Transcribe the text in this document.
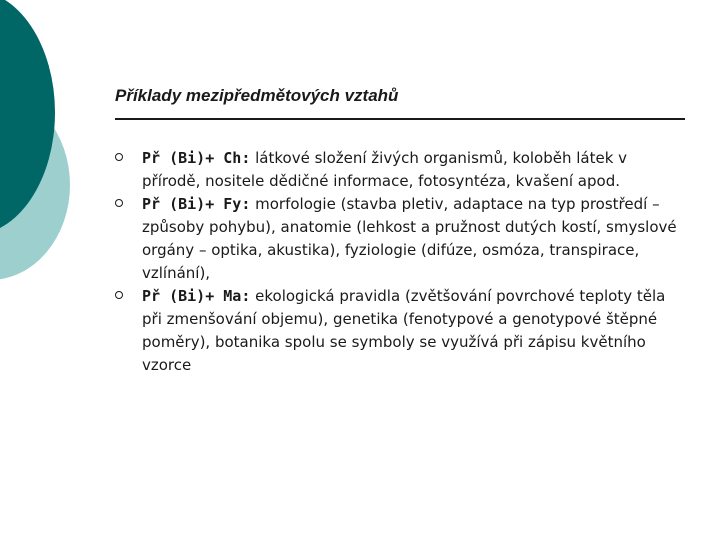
Příklady mezipředmětových vztahů
Př (Bi)+ Ch: látkové složení živých organismů, koloběh látek v přírodě, nositele dědičné informace, fotosyntéza, kvašení apod.
Př (Bi)+ Fy: morfologie (stavba pletiv, adaptace na typ prostředí – způsoby pohybu), anatomie (lehkost a pružnost dutých kostí, smyslové orgány – optika, akustika), fyziologie (difúze, osmóza, transpirace, vzlínání),
Př (Bi)+ Ma: ekologická pravidla (zvětšování povrchové teploty těla při zmenšování objemu), genetika (fenotypové a genotypové štěpné poměry), botanika spolu se symboly se využívá při zápisu květního vzorce
